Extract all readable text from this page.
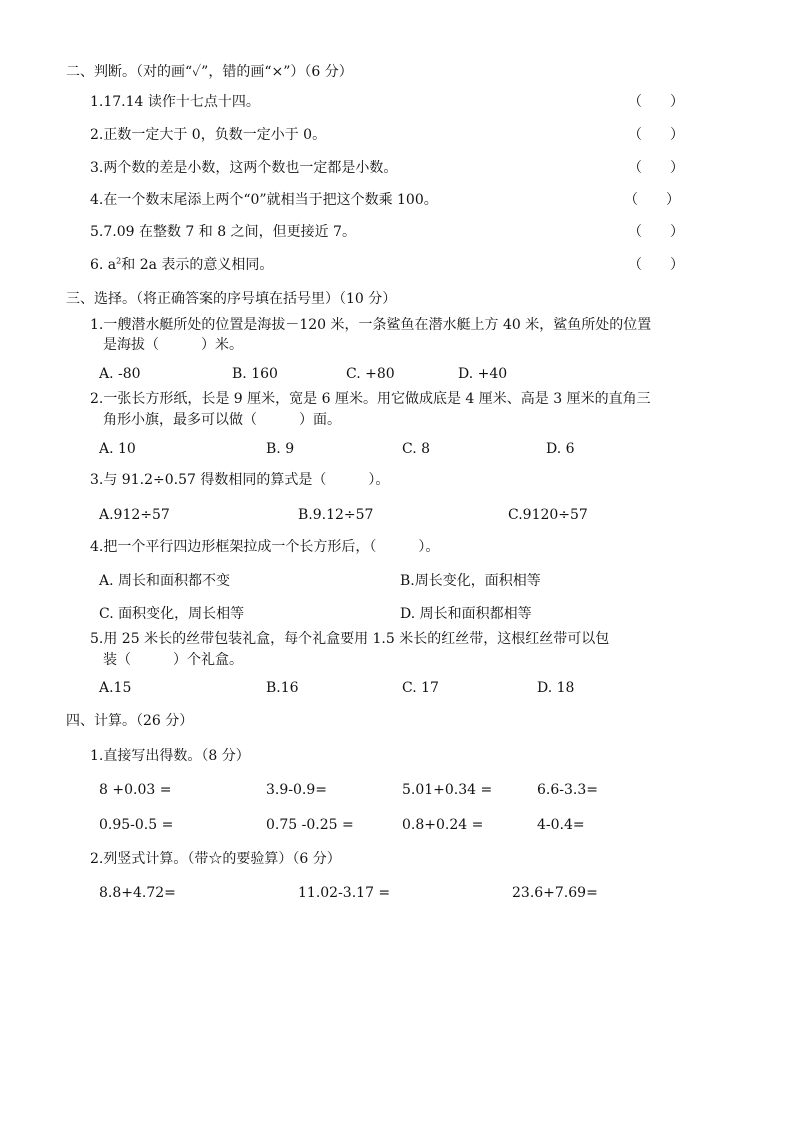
二、判断。（对的画“✓”，错的画“×”）（6 分）
1.17.14 读作十七点十四。	（　　）
2.正数一定大于 0，负数一定小于 0。	（　　）
3.两个数的差是小数，这两个数也一定都是小数。	（　　）
4.在一个数末尾添上两个“0”就相当于把这个数乘 100。	（　　）
5.7.09 在整数 7 和 8 之间，但更接近 7。	（　　）
6. $a^2$和 2a 表示的意义相同。	（　　）
三、选择。（将正确答案的序号填在括号里）（10 分）
1.一艘潜水艇所处的位置是海拔－120 米，一条鲨鱼在潜水艇上方 40 米，鲨鱼所处的位置
是海拔（　　　）米。
A. -80	B. 160	C. +80	D. +40
2.一张长方形纸，长是 9 厘米，宽是 6 厘米。用它做成底是 4 厘米、高是 3 厘米的直角三
角形小旗，最多可以做（　　　）面。
A. 10	B. 9	C. 8	D. 6
3.与 91.2÷0.57 得数相同的算式是（　　　）。
A.912÷57	B.9.12÷57	C.9120÷57
4.把一个平行四边形框架拉成一个长方形后，（　　　）。
A. 周长和面积都不变	B.周长变化，面积相等
C. 面积变化，周长相等	D. 周长和面积都相等
5.用 25 米长的丝带包装礼盒，每个礼盒要用 1.5 米长的红丝带，这根红丝带可以包
装（　　　）个礼盒。
A.15	B.16	C. 17	D. 18
四、计算。（26 分）
1.直接写出得数。（8 分）
8 +0.03 =	3.9-0.9=	5.01+0.34 =	6.6-3.3=
0.95-0.5 =	0.75 -0.25 =	0.8+0.24 =	4-0.4=
2.列竖式计算。（带☆的要验算）（6 分）
8.8+4.72=	11.02-3.17 =	23.6+7.69=
